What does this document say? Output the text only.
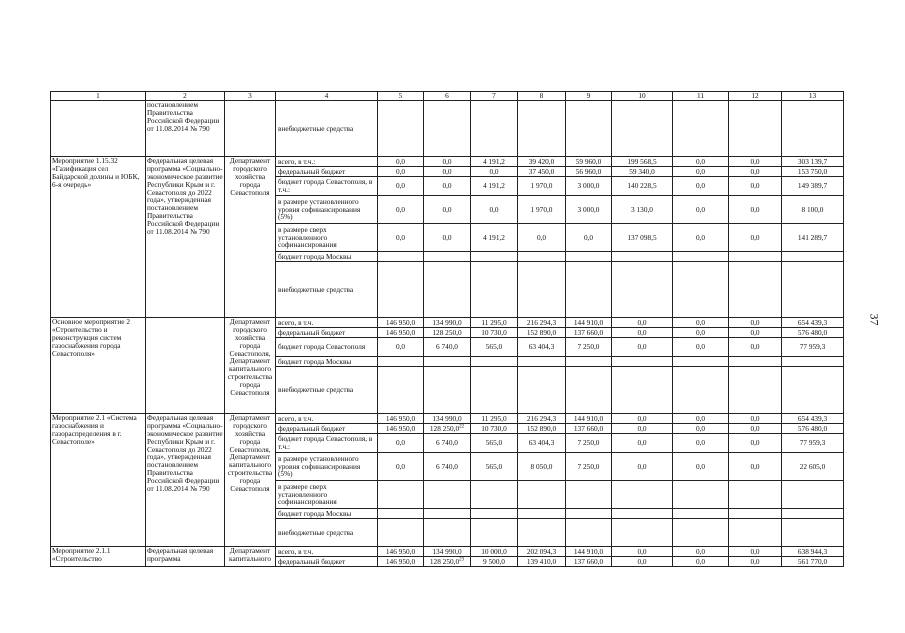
1	2	3	4	5	6	7	8	9	10	11	12	13
	постановлением Правительства Российской Федерации от 11.08.2014 № 790		внебюджетные средства									
Мероприятие 1.15.32 «Газификация сел Байдарской долины и ЮБК, 6-я очередь»	Федеральная целевая программа «Социально-экономическое развитие Республики Крым и г. Севастополя до 2022 года», утвержденная постановлением Правительства Российской Федерации от 11.08.2014 № 790	Департамент городского хозяйства города Севастополя	всего, в т.ч.:	0,0	0,0	4 191,2	39 420,0	59 960,0	199 568,5	0,0	0,0	303 139,7
			федеральный бюджет	0,0	0,0	0,0	37 450,0	56 960,0	59 340,0	0,0	0,0	153 750,0
			бюджет города Севастополя, в т.ч.:	0,0	0,0	4 191,2	1 970,0	3 000,0	140 228,5	0,0	0,0	149 389,7
			в размере установленного уровня софинансирования (5%)	0,0	0,0	0,0	1 970,0	3 000,0	3 130,0	0,0	0,0	8 100,0
			в размере сверх установленного софинансирования	0,0	0,0	4 191,2	0,0	0,0	137 098,5	0,0	0,0	141 289,7
			бюджет города Москвы									
			внебюджетные средства									
Основное мероприятие 2 «Строительство и реконструкция систем газоснабжения города Севастополя»		Департамент городского хозяйства города Севастополя, Департамент капитального строительства города Севастополя	всего, в т.ч.	146 950,0	134 990,0	11 295,0	216 294,3	144 910,0	0,0	0,0	0,0	654 439,3
			федеральный бюджет	146 950,0	128 250,0	10 730,0	152 890,0	137 660,0	0,0	0,0	0,0	576 480,0
			бюджет города Севастополя	0,0	6 740,0	565,0	63 404,3	7 250,0	0,0	0,0	0,0	77 959,3
			бюджет города Москвы									
			внебюджетные средства									
Мероприятие 2.1 «Система газоснабжения и газораспределения в г. Севастополе»	Федеральная целевая программа «Социально-экономическое развитие Республики Крым и г. Севастополя до 2022 года», утвержденная постановлением Правительства Российской Федерации от 11.08.2014 № 790	Департамент городского хозяйства города Севастополя, Департамент капитального строительства города Севастополя	всего, в т.ч.	146 950,0	134 990,0	11 295,0	216 294,3	144 910,0	0,0	0,0	0,0	654 439,3
			федеральный бюджет	146 950,0	128 250,0$^{22}$	10 730,0	152 890,0	137 660,0	0,0	0,0	0,0	576 480,0
			бюджет города Севастополя, в т.ч.:	0,0	6 740,0	565,0	63 404,3	7 250,0	0,0	0,0	0,0	77 959,3
			в размере установленного уровня софинансирования (5%)	0,0	6 740,0	565,0	8 050,0	7 250,0	0,0	0,0	0,0	22 605,0
			в размере сверх установленного софинансирования									
			бюджет города Москвы									
			внебюджетные средства									
Мероприятие 2.1.1 «Строительство	Федеральная целевая программа	Департамент капитального	всего, в т.ч.	146 950,0	134 990,0	10 000,0	202 094,3	144 910,0	0,0	0,0	0,0	638 944,3
			федеральный бюджет	146 950,0	128 250,0$^{23}$	9 500,0	139 410,0	137 660,0	0,0	0,0	0,0	561 770,0
37
